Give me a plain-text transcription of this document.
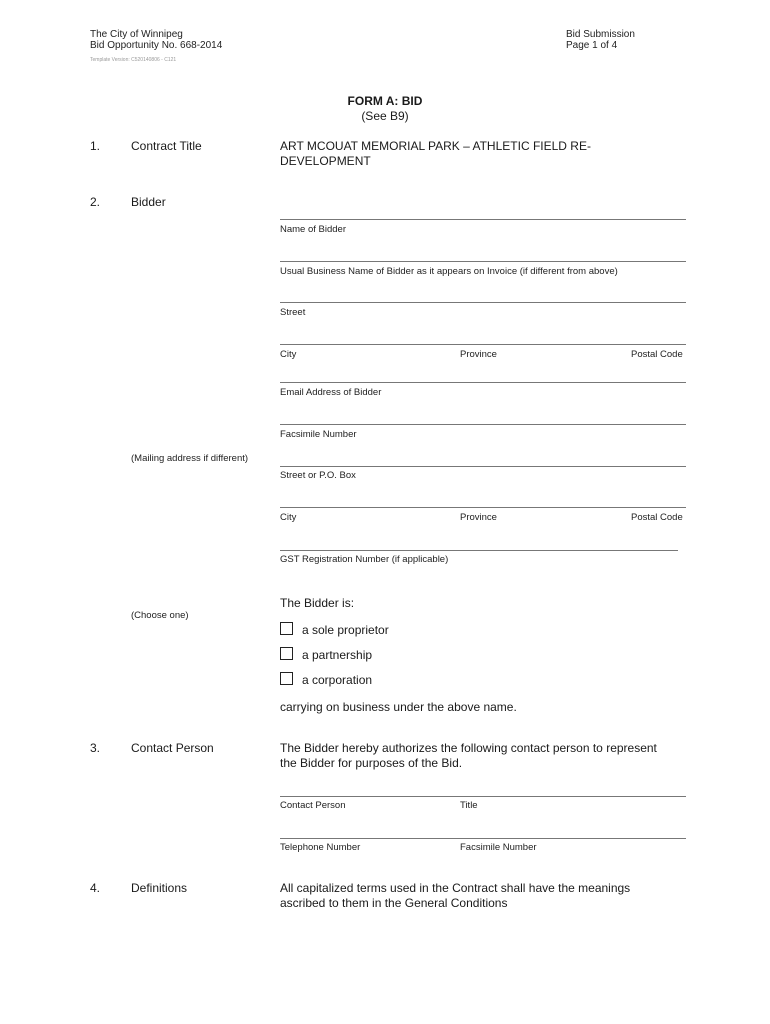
The City of Winnipeg
Bid Opportunity No. 668-2014
Template Version: C520140806 - C121
Bid Submission
Page 1 of 4
FORM A: BID
(See B9)
1.	Contract Title	ART MCOUAT MEMORIAL PARK – ATHLETIC FIELD RE-
DEVELOPMENT
2.	Bidder
Name of Bidder
Usual Business Name of Bidder as it appears on Invoice (if different from above)
Street
City	Province	Postal Code
Email Address of Bidder
Facsimile Number
(Mailing address if different)
Street or P.O. Box
City	Province	Postal Code
GST Registration Number (if applicable)
The Bidder is:
(Choose one)
a sole proprietor
a partnership
a corporation
carrying on business under the above name.
3.	Contact Person	The Bidder hereby authorizes the following contact person to represent
the Bidder for purposes of the Bid.
Contact Person	Title
Telephone Number	Facsimile Number
4.	Definitions	All capitalized terms used in the Contract shall have the meanings
ascribed to them in the General Conditions
